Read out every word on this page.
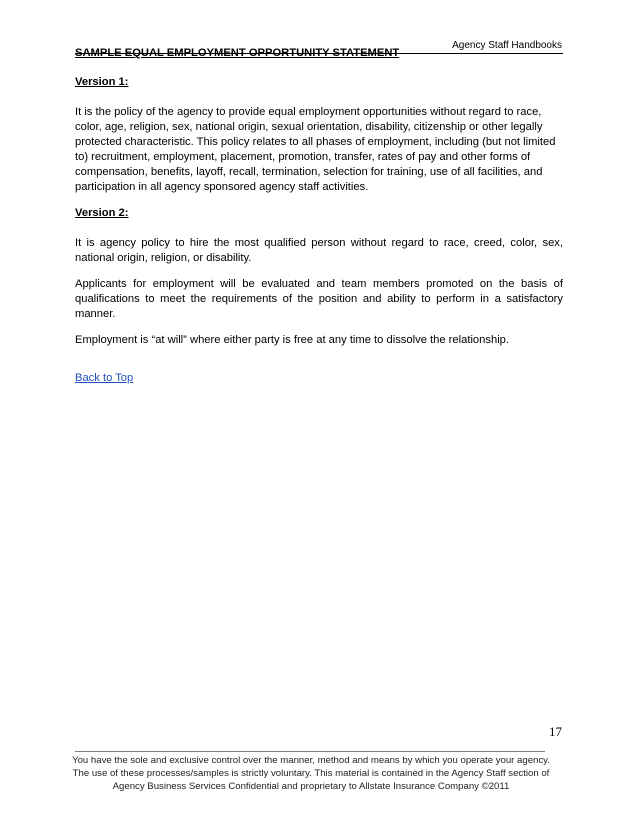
Agency Staff Handbooks
SAMPLE EQUAL EMPLOYMENT OPPORTUNITY STATEMENT
Version 1:

It is the policy of the agency to provide equal employment opportunities without regard to race, color, age, religion, sex, national origin, sexual orientation, disability, citizenship or other legally protected characteristic. This policy relates to all phases of employment, including (but not limited to) recruitment, employment, placement, promotion, transfer, rates of pay and other forms of compensation, benefits, layoff, recall, termination, selection for training, use of all facilities, and participation in all agency sponsored agency staff activities.

Version 2:

It is agency policy to hire the most qualified person without regard to race, creed, color, sex, national origin, religion, or disability.

Applicants for employment will be evaluated and team members promoted on the basis of qualifications to meet the requirements of the position and ability to perform in a satisfactory manner.

Employment is “at will” where either party is free at any time to dissolve the relationship.

Back to Top
17
You have the sole and exclusive control over the manner, method and means by which you operate your agency. The use of these processes/samples is strictly voluntary. This material is contained in the Agency Staff section of Agency Business Services Confidential and proprietary to Allstate Insurance Company ©2011
